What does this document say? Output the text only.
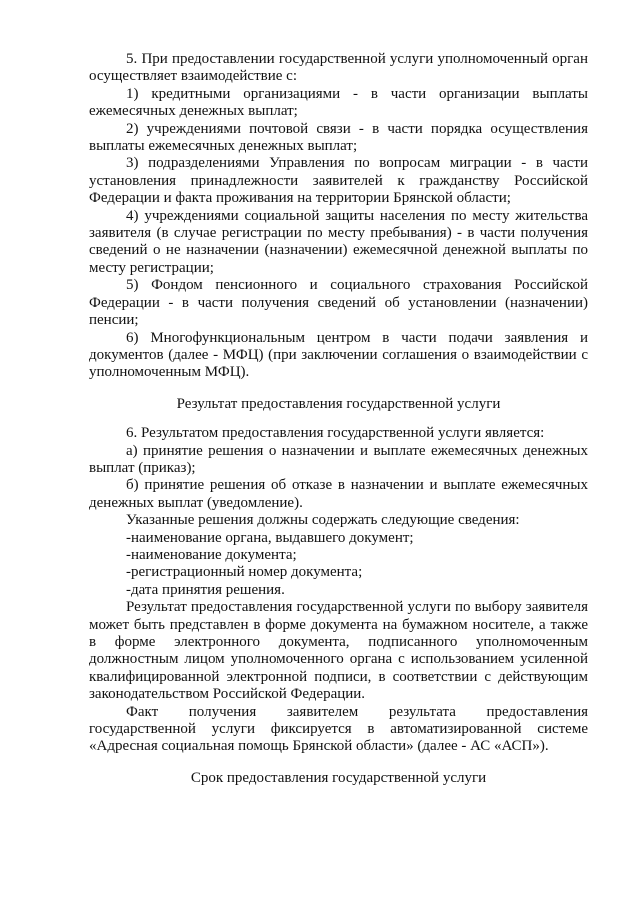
5. При предоставлении государственной услуги уполномоченный орган осуществляет взаимодействие с:

1) кредитными организациями - в части организации выплаты ежемесячных денежных выплат;

2) учреждениями почтовой связи - в части порядка осуществления выплаты ежемесячных денежных выплат;

3) подразделениями Управления по вопросам миграции - в части установления принадлежности заявителей к гражданству Российской Федерации и факта проживания на территории Брянской области;

4) учреждениями социальной защиты населения по месту жительства заявителя (в случае регистрации по месту пребывания) - в части получения сведений о не назначении (назначении) ежемесячной денежной выплаты по месту регистрации;

5) Фондом пенсионного и социального страхования Российской Федерации - в части получения сведений об установлении (назначении) пенсии;

6) Многофункциональным центром в части подачи заявления и документов (далее - МФЦ) (при заключении соглашения о взаимодействии с уполномоченным МФЦ).

Результат предоставления государственной услуги

6. Результатом предоставления государственной услуги является:

а) принятие решения о назначении и выплате ежемесячных денежных выплат (приказ);

б) принятие решения об отказе в назначении и выплате ежемесячных денежных выплат (уведомление).

Указанные решения должны содержать следующие сведения:

-наименование органа, выдавшего документ;

-наименование документа;

-регистрационный номер документа;

-дата принятия решения.

Результат предоставления государственной услуги по выбору заявителя может быть представлен в форме документа на бумажном носителе, а также в форме электронного документа, подписанного уполномоченным должностным лицом уполномоченного органа с использованием усиленной квалифицированной электронной подписи, в соответствии с действующим законодательством Российской Федерации.

Факт получения заявителем результата предоставления государственной услуги фиксируется в автоматизированной системе «Адресная социальная помощь Брянской области» (далее - АС «АСП»).

Срок предоставления государственной услуги
